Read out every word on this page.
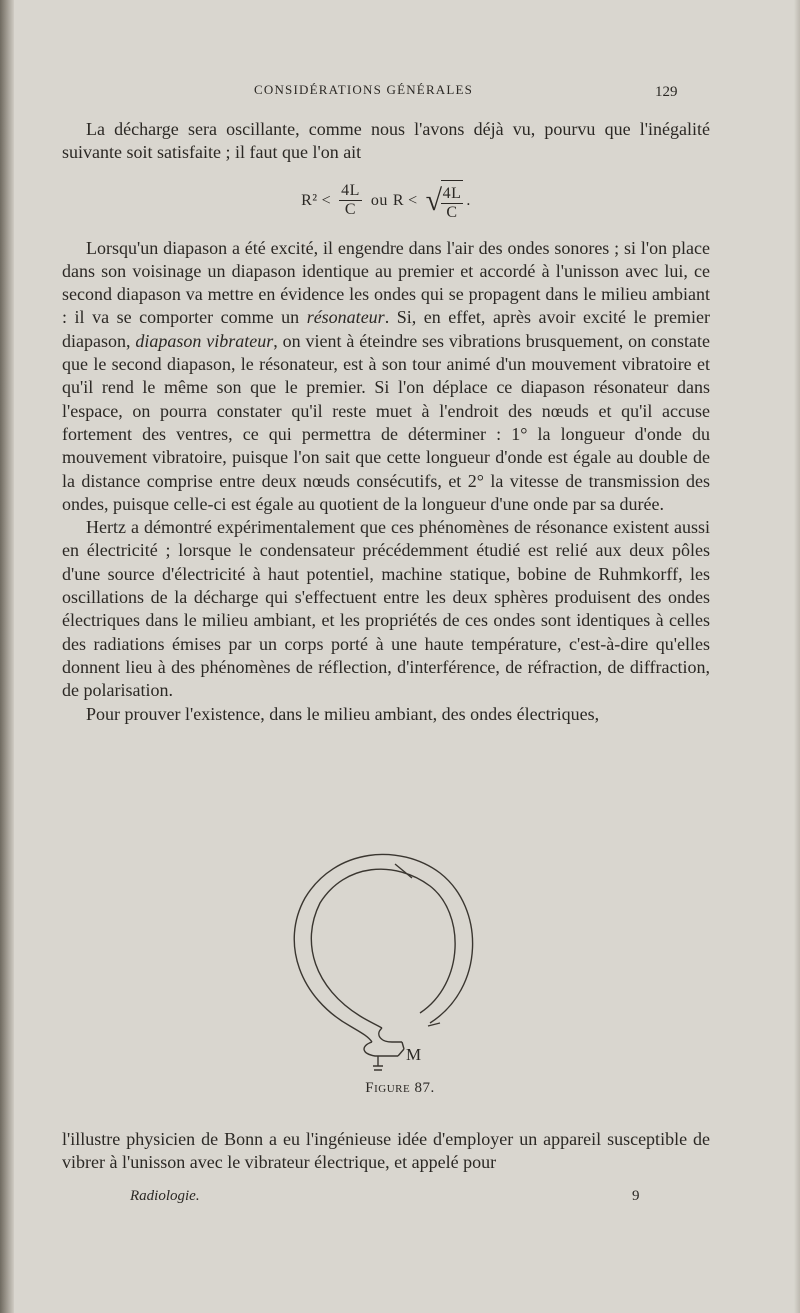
CONSIDÉRATIONS GÉNÉRALES	129

La décharge sera oscillante, comme nous l'avons déjà vu, pourvu que l'inégalité suivante soit satisfaite ; il faut que l'on ait

$R^2 < \frac{4L}{C}$ ou R < √
$\frac{4L}{C}$ .

Lorsqu'un diapason a été excité, il engendre dans l'air des ondes sonores ; si l'on place dans son voisinage un diapason identique au premier et accordé à l'unisson avec lui, ce second diapason va mettre en évidence les ondes qui se propagent dans le milieu ambiant : il va se comporter comme un résonateur. Si, en effet, après avoir excité le premier diapason, diapason vibrateur, on vient à éteindre ses vibrations brusquement, on constate que le second diapason, le résonateur, est à son tour animé d'un mouvement vibratoire et qu'il rend le même son que le premier. Si l'on déplace ce diapason résonateur dans l'espace, on pourra constater qu'il reste muet à l'endroit des nœuds et qu'il accuse fortement des ventres, ce qui permettra de déterminer : 1° la longueur d'onde du mouvement vibratoire, puisque l'on sait que cette longueur d'onde est égale au double de la distance comprise entre deux nœuds consécutifs, et 2° la vitesse de transmission des ondes, puisque celle-ci est égale au quotient de la longueur d'une onde par sa durée.

Hertz a démontré expérimentalement que ces phénomènes de résonance existent aussi en électricité ; lorsque le condensateur précédemment étudié est relié aux deux pôles d'une source d'électricité à haut potentiel, machine statique, bobine de Ruhmkorff, les oscillations de la décharge qui s'effectuent entre les deux sphères produisent des ondes électriques dans le milieu ambiant, et les propriétés de ces ondes sont identiques à celles des radiations émises par un corps porté à une haute température, c'est-à-dire qu'elles donnent lieu à des phénomènes de réflection, d'interférence, de réfraction, de diffraction, de polarisation.

Pour prouver l'existence, dans le milieu ambiant, des ondes électriques,

M
Figure 87.

l'illustre physicien de Bonn a eu l'ingénieuse idée d'employer un appareil susceptible de vibrer à l'unisson avec le vibrateur électrique, et appelé pour

Radiologie.	9
